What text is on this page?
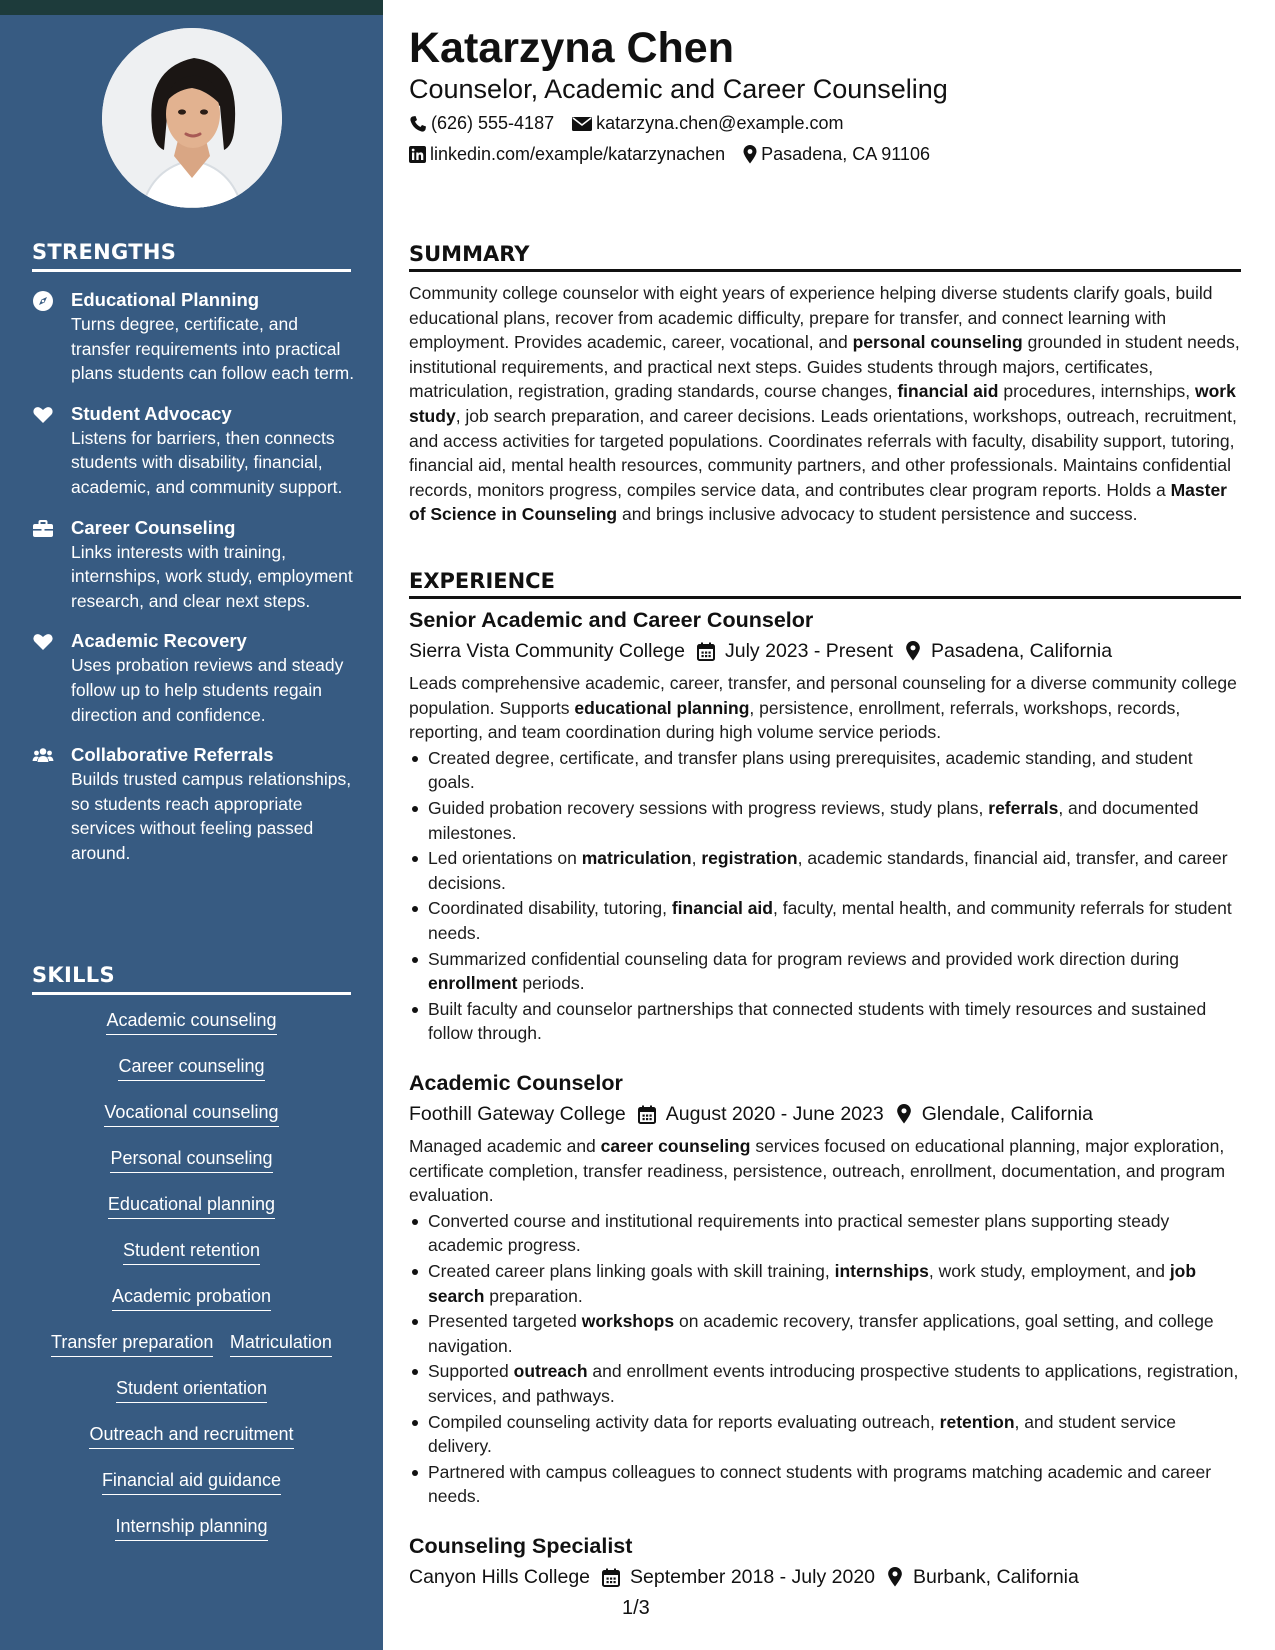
STRENGTHS
Educational Planning
Turns degree, certificate, and transfer requirements into practical plans students can follow each term.
Student Advocacy
Listens for barriers, then connects students with disability, financial, academic, and community support.
Career Counseling
Links interests with training, internships, work study, employment research, and clear next steps.
Academic Recovery
Uses probation reviews and steady follow up to help students regain direction and confidence.
Collaborative Referrals
Builds trusted campus relationships, so students reach appropriate services without feeling passed around.
SKILLS
Academic counseling
Career counseling
Vocational counseling
Personal counseling
Educational planning
Student retention
Academic probation
Transfer preparation Matriculation
Student orientation
Outreach and recruitment
Financial aid guidance
Internship planning
Katarzyna Chen
Counselor, Academic and Career Counseling
(626) 555-4187 katarzyna.chen@example.com
linkedin.com/example/katarzynachen Pasadena, CA 91106
SUMMARY

Community college counselor with eight years of experience helping diverse students clarify goals, build educational plans, recover from academic difficulty, prepare for transfer, and connect learning with employment. Provides academic, career, vocational, and personal counseling grounded in student needs, institutional requirements, and practical next steps. Guides students through majors, certificates, matriculation, registration, grading standards, course changes, financial aid procedures, internships, work study, job search preparation, and career decisions. Leads orientations, workshops, outreach, recruitment, and access activities for targeted populations. Coordinates referrals with faculty, disability support, tutoring, financial aid, mental health resources, community partners, and other professionals. Maintains confidential records, monitors progress, compiles service data, and contributes clear program reports. Holds a Master of Science in Counseling and brings inclusive advocacy to student persistence and success.

EXPERIENCE
Senior Academic and Career Counselor
Sierra Vista Community College July 2023 - Present Pasadena, California

Leads comprehensive academic, career, transfer, and personal counseling for a diverse community college population. Supports educational planning, persistence, enrollment, referrals, workshops, records, reporting, and team coordination during high volume service periods.

Created degree, certificate, and transfer plans using prerequisites, academic standing, and student goals.
Guided probation recovery sessions with progress reviews, study plans, referrals, and documented milestones.
Led orientations on matriculation, registration, academic standards, financial aid, transfer, and career decisions.
Coordinated disability, tutoring, financial aid, faculty, mental health, and community referrals for student needs.
Summarized confidential counseling data for program reviews and provided work direction during enrollment periods.
Built faculty and counselor partnerships that connected students with timely resources and sustained follow through.
Academic Counselor
Foothill Gateway College August 2020 - June 2023 Glendale, California

Managed academic and career counseling services focused on educational planning, major exploration, certificate completion, transfer readiness, persistence, outreach, enrollment, documentation, and program evaluation.

Converted course and institutional requirements into practical semester plans supporting steady academic progress.
Created career plans linking goals with skill training, internships, work study, employment, and job search preparation.
Presented targeted workshops on academic recovery, transfer applications, goal setting, and college navigation.
Supported outreach and enrollment events introducing prospective students to applications, registration, services, and pathways.
Compiled counseling activity data for reports evaluating outreach, retention, and student service delivery.
Partnered with campus colleagues to connect students with programs matching academic and career needs.
Counseling Specialist
Canyon Hills College September 2018 - July 2020 Burbank, California
1/3
